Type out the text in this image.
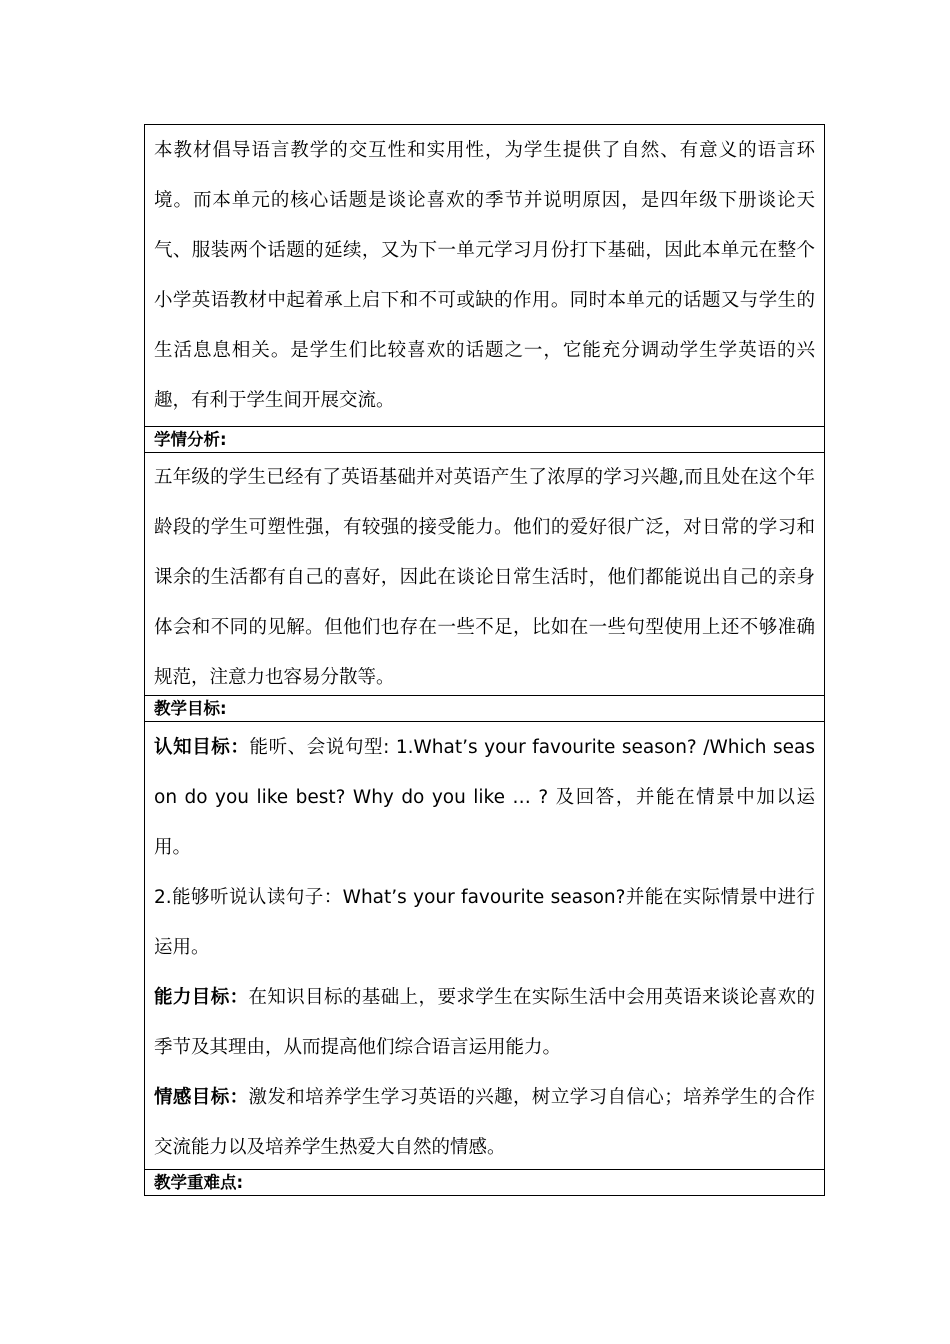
本教材倡导语言教学的交互性和实用性，为学生提供了自然、有意义的语言环境。而本单元的核心话题是谈论喜欢的季节并说明原因，是四年级下册谈论天气、服装两个话题的延续，又为下一单元学习月份打下基础，因此本单元在整个小学英语教材中起着承上启下和不可或缺的作用。同时本单元的话题又与学生的生活息息相关。是学生们比较喜欢的话题之一，它能充分调动学生学英语的兴趣，有利于学生间开展交流。

学情分析:

五年级的学生已经有了英语基础并对英语产生了浓厚的学习兴趣,而且处在这个年龄段的学生可塑性强，有较强的接受能力。他们的爱好很广泛，对日常的学习和课余的生活都有自己的喜好，因此在谈论日常生活时，他们都能说出自己的亲身体会和不同的见解。但他们也存在一些不足，比如在一些句型使用上还不够准确规范，注意力也容易分散等。

教学目标:

认知目标：能听、会说句型: 1.What’s your favourite season? /Which season do you like best? Why do you like … ? 及回答，并能在情景中加以运用。

2.能够听说认读句子：What’s your favourite season?并能在实际情景中进行运用。

能力目标：在知识目标的基础上，要求学生在实际生活中会用英语来谈论喜欢的季节及其理由，从而提高他们综合语言运用能力。

情感目标：激发和培养学生学习英语的兴趣，树立学习自信心；培养学生的合作交流能力以及培养学生热爱大自然的情感。

教学重难点:
